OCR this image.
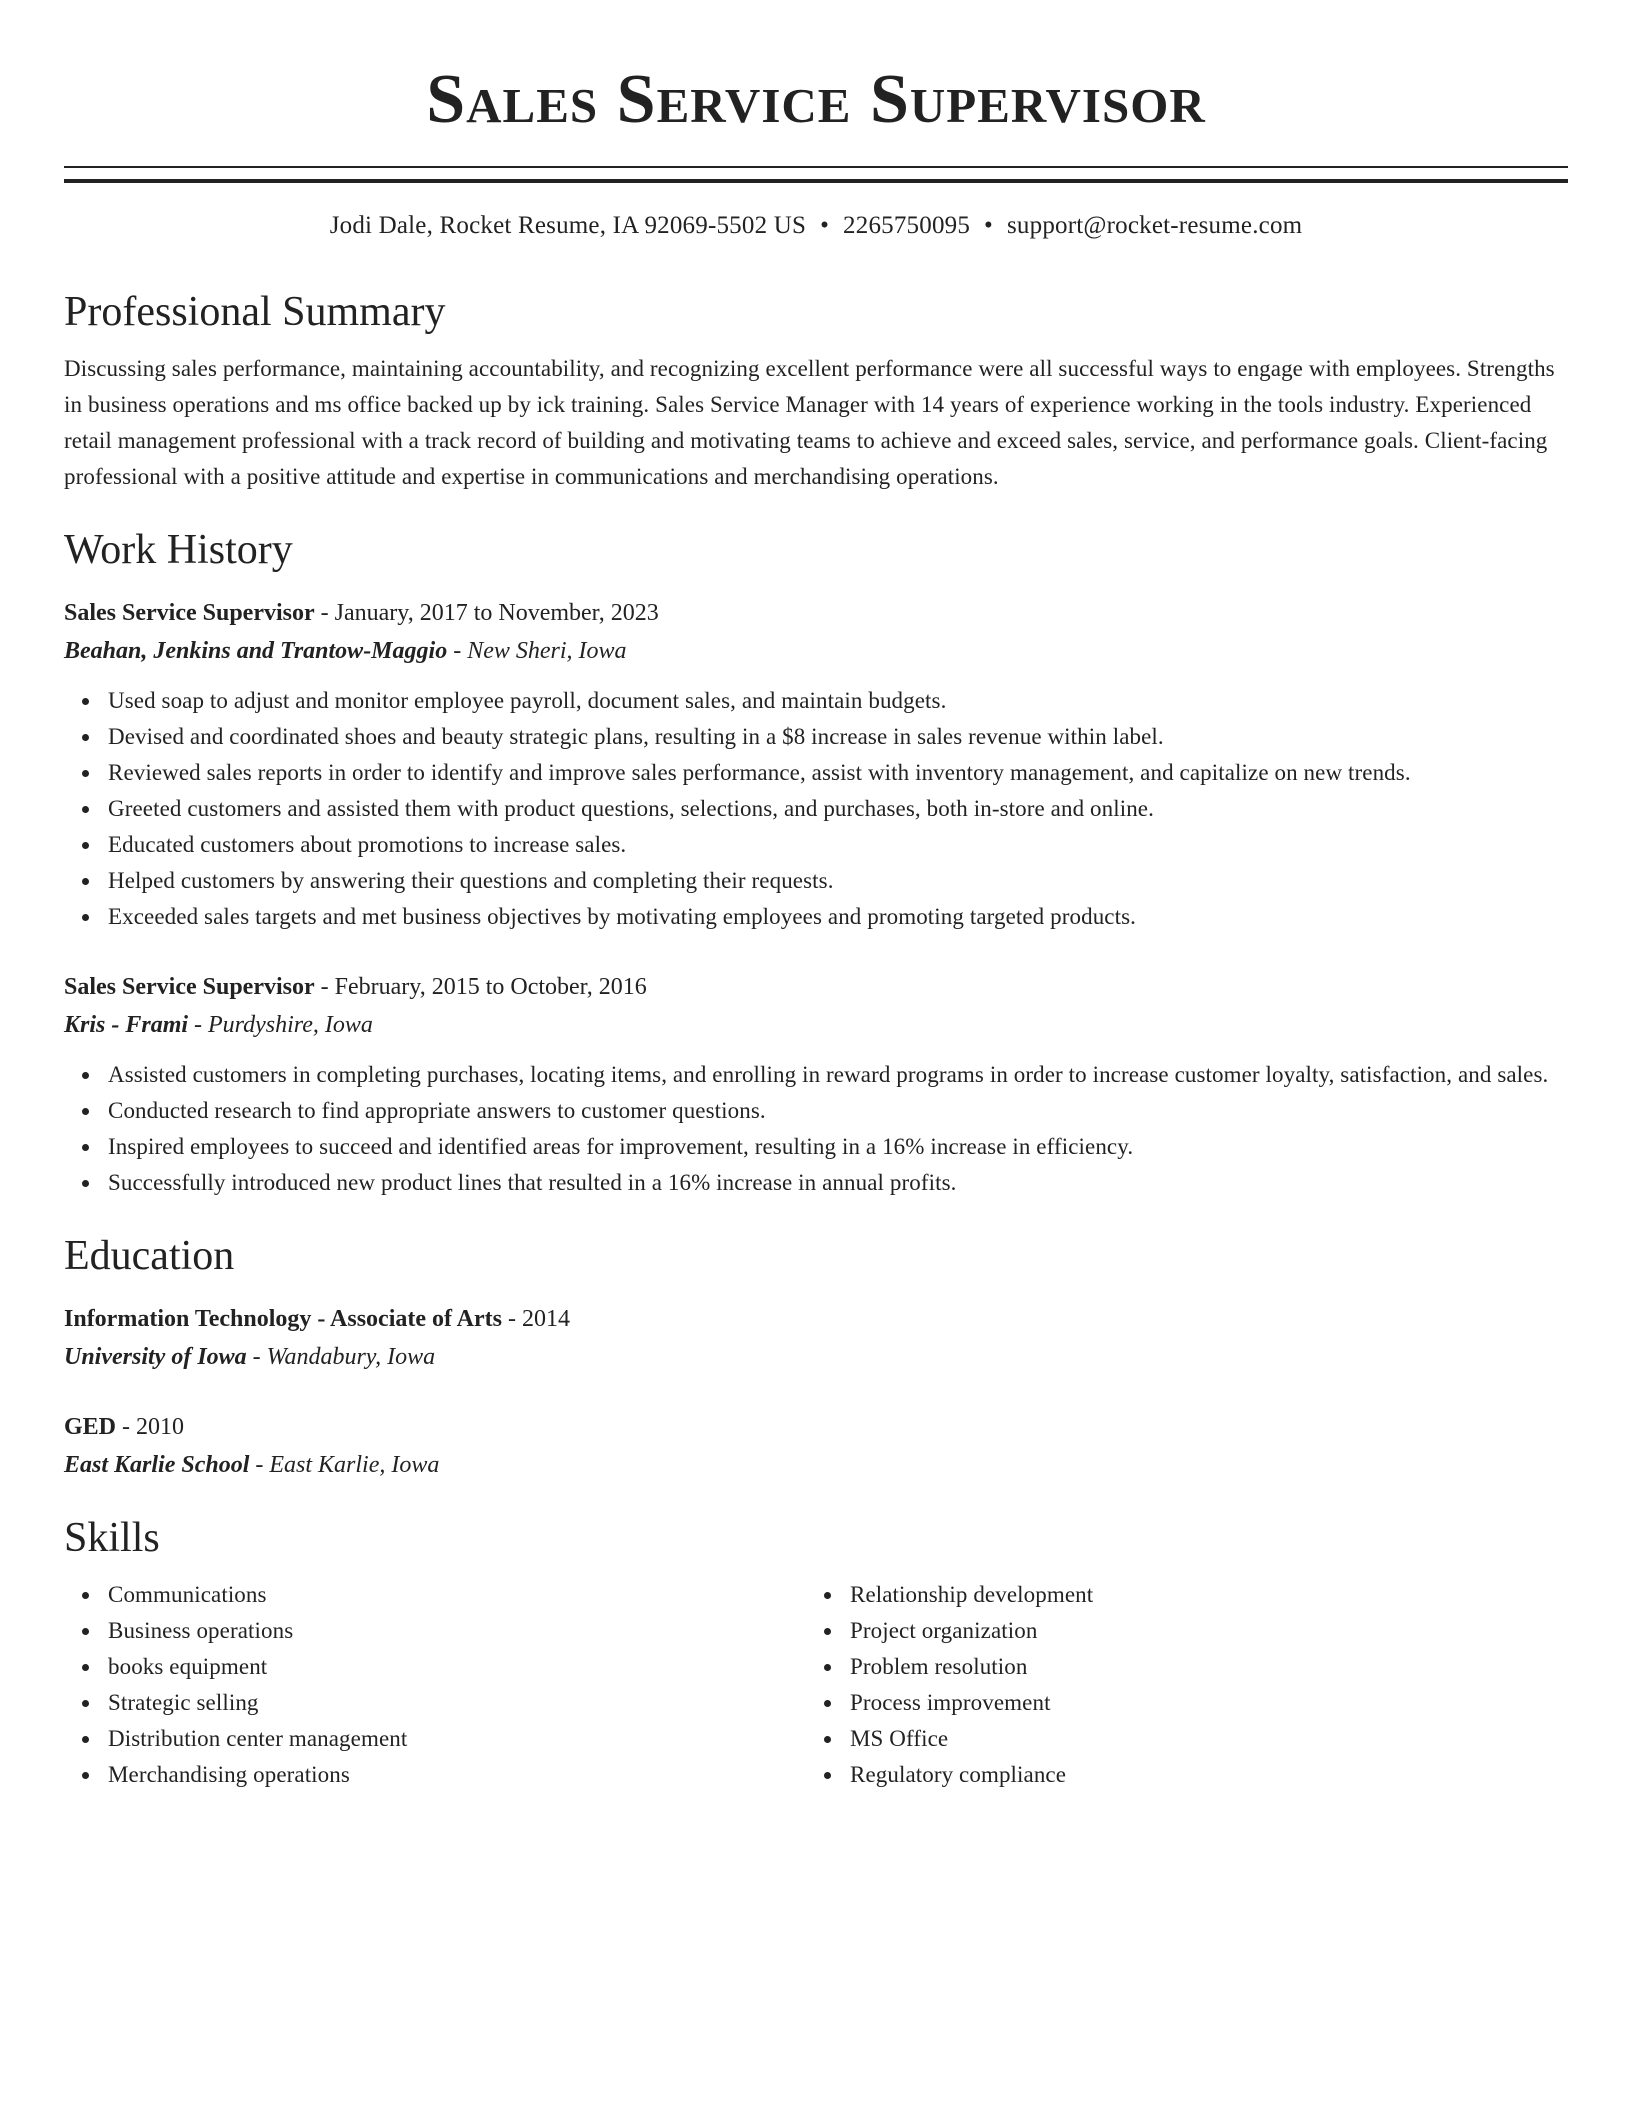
Sales Service Supervisor
Jodi Dale, Rocket Resume, IA 92069-5502 US • 2265750095 • support@rocket-resume.com
Professional Summary
Discussing sales performance, maintaining accountability, and recognizing excellent performance were all successful ways to engage with employees. Strengths in business operations and ms office backed up by ick training. Sales Service Manager with 14 years of experience working in the tools industry. Experienced retail management professional with a track record of building and motivating teams to achieve and exceed sales, service, and performance goals. Client-facing professional with a positive attitude and expertise in communications and merchandising operations.
Work History
Sales Service Supervisor - January, 2017 to November, 2023
Beahan, Jenkins and Trantow-Maggio - New Sheri, Iowa
Used soap to adjust and monitor employee payroll, document sales, and maintain budgets.
Devised and coordinated shoes and beauty strategic plans, resulting in a $8 increase in sales revenue within label.
Reviewed sales reports in order to identify and improve sales performance, assist with inventory management, and capitalize on new trends.
Greeted customers and assisted them with product questions, selections, and purchases, both in-store and online.
Educated customers about promotions to increase sales.
Helped customers by answering their questions and completing their requests.
Exceeded sales targets and met business objectives by motivating employees and promoting targeted products.
Sales Service Supervisor - February, 2015 to October, 2016
Kris - Frami - Purdyshire, Iowa
Assisted customers in completing purchases, locating items, and enrolling in reward programs in order to increase customer loyalty, satisfaction, and sales.
Conducted research to find appropriate answers to customer questions.
Inspired employees to succeed and identified areas for improvement, resulting in a 16% increase in efficiency.
Successfully introduced new product lines that resulted in a 16% increase in annual profits.
Education
Information Technology - Associate of Arts - 2014
University of Iowa - Wandabury, Iowa
GED - 2010
East Karlie School - East Karlie, Iowa
Skills
Communications
Business operations
books equipment
Strategic selling
Distribution center management
Merchandising operations
Relationship development
Project organization
Problem resolution
Process improvement
MS Office
Regulatory compliance
